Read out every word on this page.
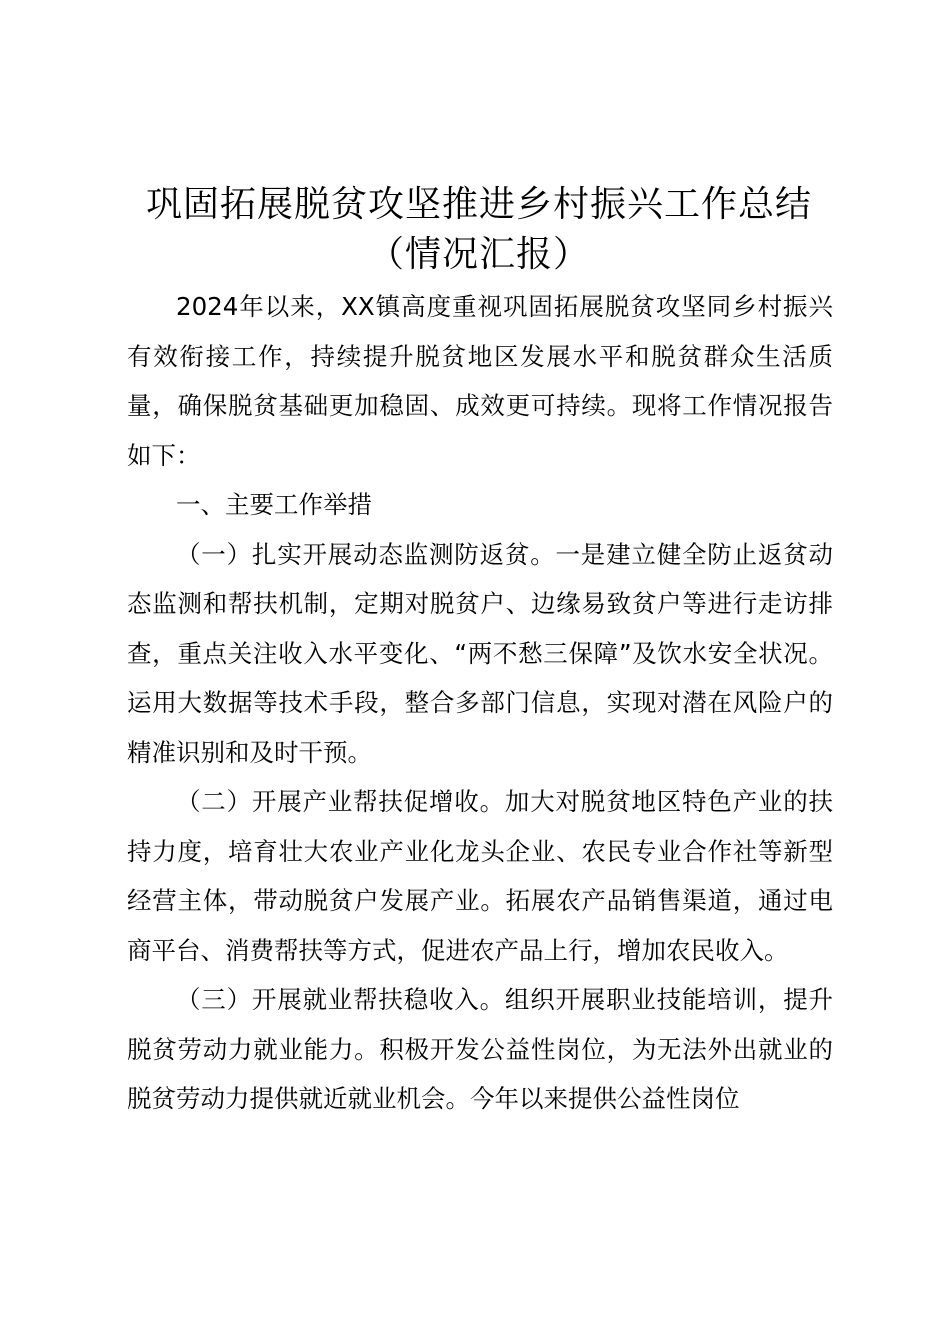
巩固拓展脱贫攻坚推进乡村振兴工作总结（情况汇报）

2024年以来，XX镇高度重视巩固拓展脱贫攻坚同乡村振兴有效衔接工作，持续提升脱贫地区发展水平和脱贫群众生活质量，确保脱贫基础更加稳固、成效更可持续。现将工作情况报告如下：

一、主要工作举措

（一）扎实开展动态监测防返贫。一是建立健全防止返贫动态监测和帮扶机制，定期对脱贫户、边缘易致贫户等进行走访排查，重点关注收入水平变化、“两不愁三保障”及饮水安全状况。运用大数据等技术手段，整合多部门信息，实现对潜在风险户的精准识别和及时干预。

（二）开展产业帮扶促增收。加大对脱贫地区特色产业的扶持力度，培育壮大农业产业化龙头企业、农民专业合作社等新型经营主体，带动脱贫户发展产业。拓展农产品销售渠道，通过电商平台、消费帮扶等方式，促进农产品上行，增加农民收入。

（三）开展就业帮扶稳收入。组织开展职业技能培训，提升脱贫劳动力就业能力。积极开发公益性岗位，为无法外出就业的脱贫劳动力提供就近就业机会。今年以来提供公益性岗位
